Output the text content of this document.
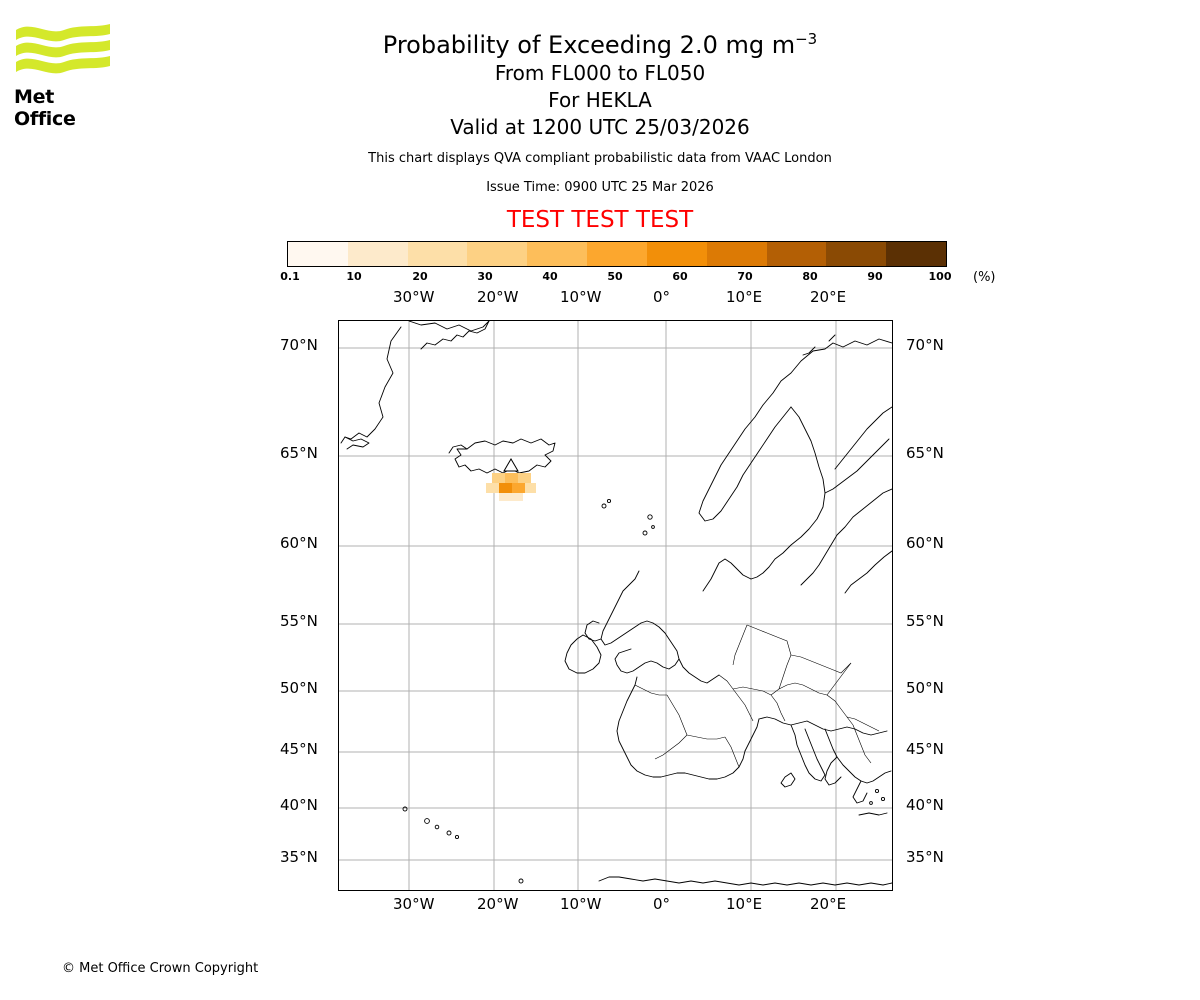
Met Office
Probability of Exceeding 2.0 mg $m^{-3}$
From FL000 to FL050
For HEKLA
Valid at 1200 UTC 25/03/2026
This chart displays QVA compliant probabilistic data from VAAC London
Issue Time: 0900 UTC 25 Mar 2026
TEST TEST TEST
0.1	10	20	30	40	50	60	70	80	90	100 (%)
30°W	20°W	10°W	0°	10°E	20°E
70°N
65°N
60°N
55°N
50°N
45°N
40°N
35°N
70°N
65°N
60°N
55°N
50°N
45°N
40°N
35°N
30°W	20°W	10°W	0°	10°E	20°E
© Met Office Crown Copyright
